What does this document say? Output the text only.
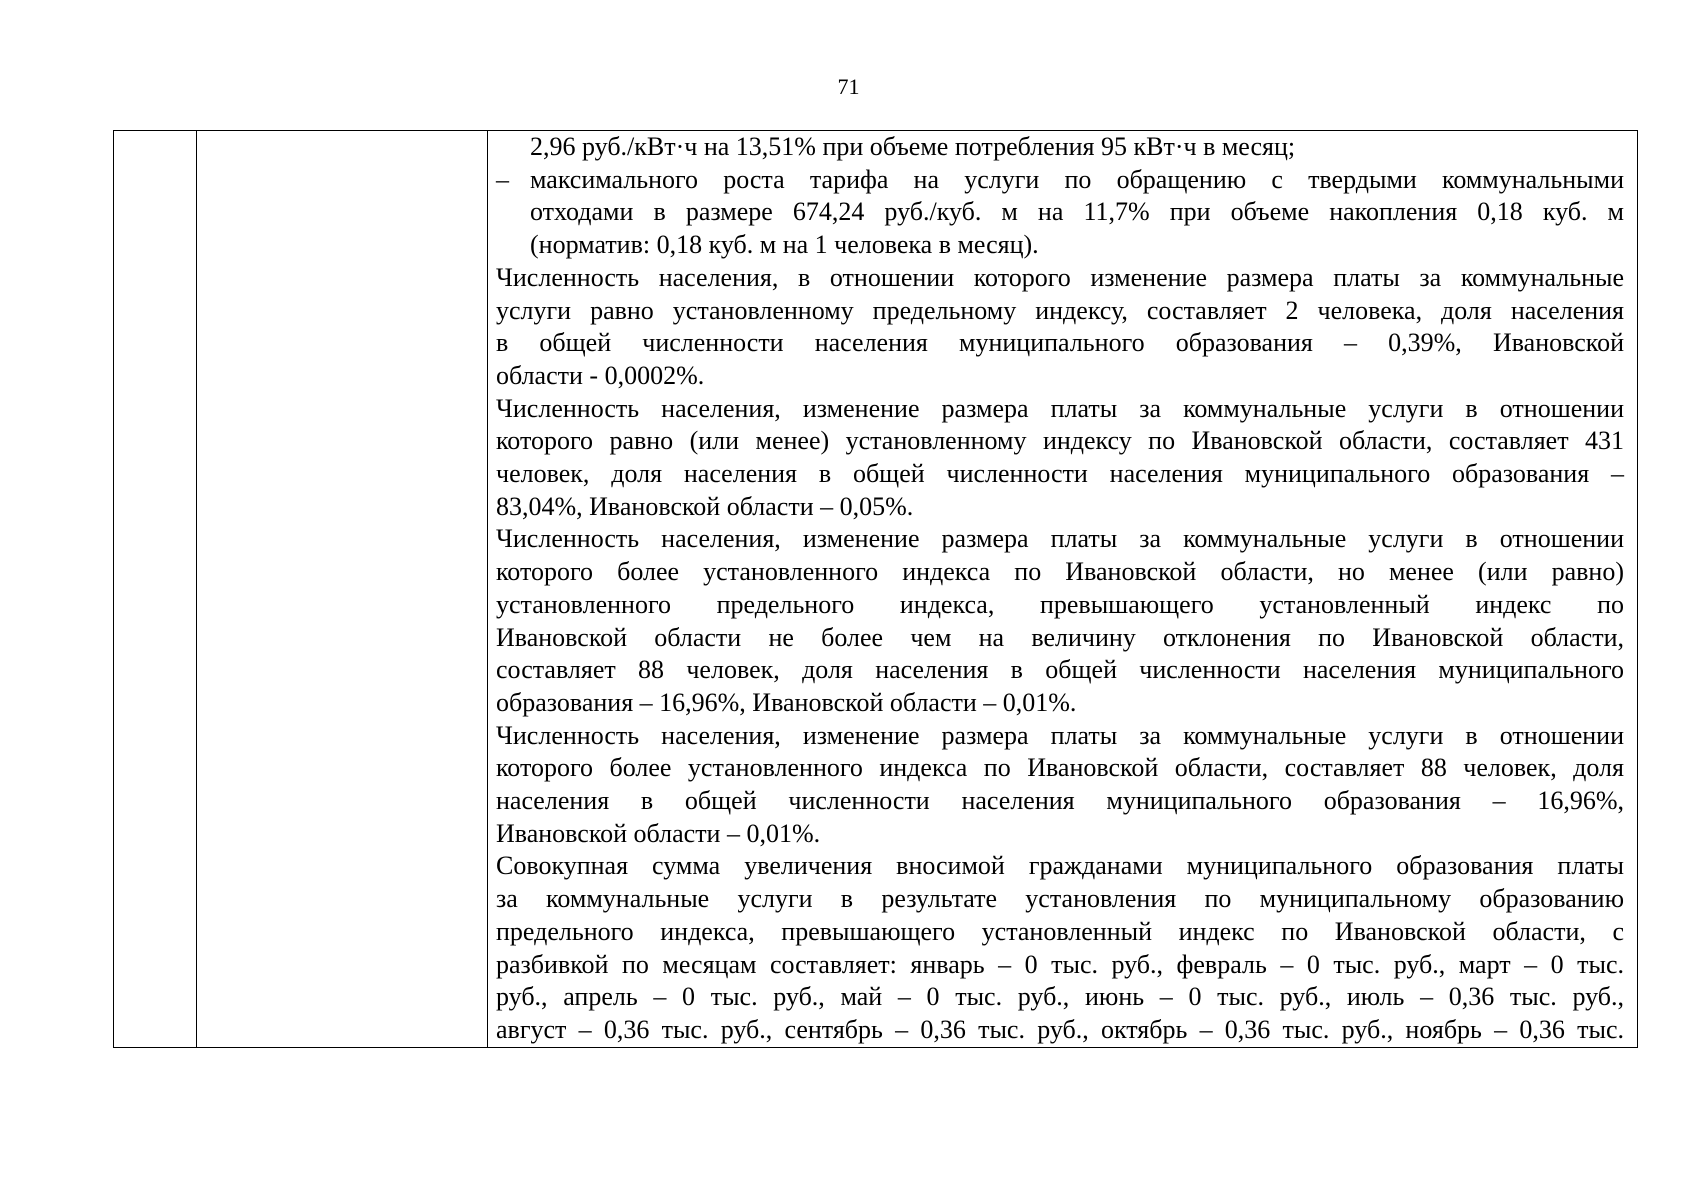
71
2,96 руб./кВт·ч на 13,51% при объеме потребления 95 кВт·ч в месяц;
– максимального роста тарифа на услуги по обращению с твердыми коммунальными
отходами в размере 674,24 руб./куб. м на 11,7% при объеме накопления 0,18 куб. м
(норматив: 0,18 куб. м на 1 человека в месяц).
Численность населения, в отношении которого изменение размера платы за коммунальные
услуги равно установленному предельному индексу, составляет 2 человека, доля населения
в общей численности населения муниципального образования – 0,39%, Ивановской
области - 0,0002%.
Численность населения, изменение размера платы за коммунальные услуги в отношении
которого равно (или менее) установленному индексу по Ивановской области, составляет 431
человек, доля населения в общей численности населения муниципального образования –
83,04%, Ивановской области – 0,05%.
Численность населения, изменение размера платы за коммунальные услуги в отношении
которого более установленного индекса по Ивановской области, но менее (или равно)
установленного предельного индекса, превышающего установленный индекс по
Ивановской области не более чем на величину отклонения по Ивановской области,
составляет 88 человек, доля населения в общей численности населения муниципального
образования – 16,96%, Ивановской области – 0,01%.
Численность населения, изменение размера платы за коммунальные услуги в отношении
которого более установленного индекса по Ивановской области, составляет 88 человек, доля
населения в общей численности населения муниципального образования – 16,96%,
Ивановской области – 0,01%.
Совокупная сумма увеличения вносимой гражданами муниципального образования платы
за коммунальные услуги в результате установления по муниципальному образованию
предельного индекса, превышающего установленный индекс по Ивановской области, с
разбивкой по месяцам составляет: январь – 0 тыс. руб., февраль – 0 тыс. руб., март – 0 тыс.
руб., апрель – 0 тыс. руб., май – 0 тыс. руб., июнь – 0 тыс. руб., июль – 0,36 тыс. руб.,
август – 0,36 тыс. руб., сентябрь – 0,36 тыс. руб., октябрь – 0,36 тыс. руб., ноябрь – 0,36 тыс.
